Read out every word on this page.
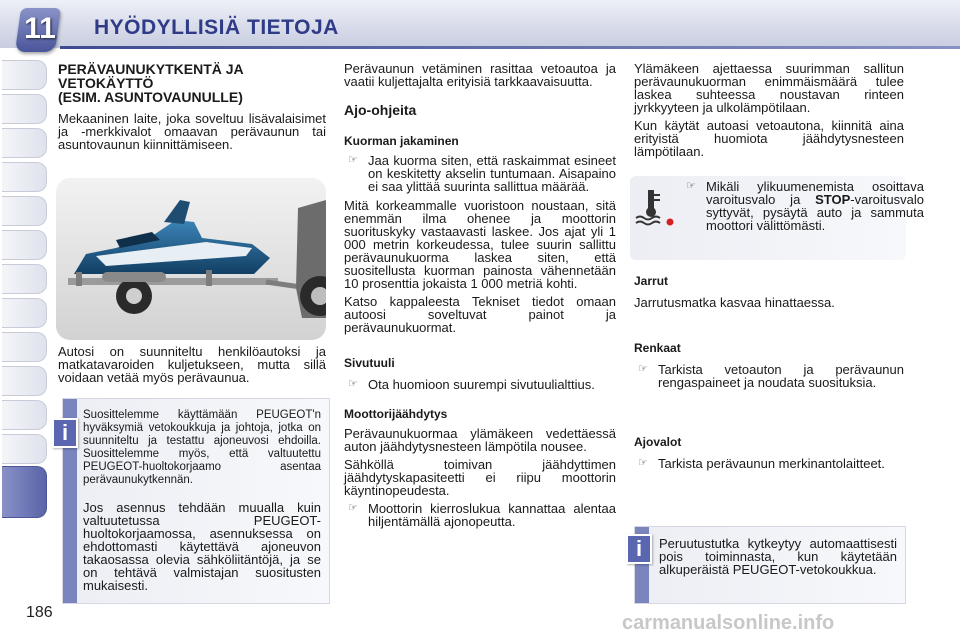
11 HYÖDYLLISIÄ TIETOJA
PERÄVAUNUKYTKENTÄ JA
VETOKÄYTTÖ
(ESIM. ASUNTOVAUNULLE)

Mekaaninen laite, joka soveltuu lisävalaisimet ja -merkkivalot omaavan perävaunun tai asuntovaunun kiinnittämiseen.

Autosi on suunniteltu henkilöautoksi ja matkatavaroiden kuljetukseen, mutta sillä voidaan vetää myös perävaunua.

Suosittelemme käyttämään PEUGEOT'n hyväksymiä vetokoukkuja ja johtoja, jotka on suunniteltu ja testattu ajoneuvosi ehdoilla. Suosittelemme myös, että valtuutettu PEUGEOT-huoltokorjaamo asentaa perävaunukytkennän.
Jos asennus tehdään muualla kuin valtuutetussa PEUGEOT-huoltokorjaamossa, asennuksessa on ehdottomasti käytettävä ajoneuvon takaosassa olevia sähköliitäntöjä, ja se on tehtävä valmistajan suositusten mukaisesti.
i

Perävaunun vetäminen rasittaa vetoautoa ja vaatii kuljettajalta erityisiä tarkkaavaisuutta.

Ajo-ohjeita
Kuorman jakaminen
☞ Jaa kuorma siten, että raskaimmat esineet on keskitetty akselin tuntumaan. Aisapaino ei saa ylittää suurinta sallittua määrää.

Mitä korkeammalle vuoristoon noustaan, sitä enemmän ilma ohenee ja moottorin suorituskyky vastaavasti laskee. Jos ajat yli 1 000 metrin korkeudessa, tulee suurin sallittu perävaunukuorma laskea siten, että suositellusta kuorman painosta vähennetään 10 prosenttia jokaista 1 000 metriä kohti.

Katso kappaleesta Tekniset tiedot omaan autoosi soveltuvat painot ja perävaunukuormat.

Sivutuuli
☞ Ota huomioon suurempi sivutuulialttius.
Moottorijäähdytys

Perävaunukuormaa ylämäkeen vedettäessä auton jäähdytysnesteen lämpötila nousee.

Sähköllä toimivan jäähdyttimen jäähdytyskapasiteetti ei riipu moottorin käyntinopeudesta.

☞ Moottorin kierroslukua kannattaa alentaa hiljentämällä ajonopeutta.

Ylämäkeen ajettaessa suurimman sallitun perävaunukuorman enimmäismäärä tulee laskea suhteessa noustavan rinteen jyrkkyyteen ja ulkolämpötilaan.

Kun käytät autoasi vetoautona, kiinnitä aina erityistä huomiota jäähdytysnesteen lämpötilaan.

☞ Mikäli ylikuumenemista osoittava varoitusvalo ja STOP-varoitusvalo syttyvät, pysäytä auto ja sammuta moottori välittömästi.
Jarrut

Jarrutusmatka kasvaa hinattaessa.

Renkaat
☞ Tarkista vetoauton ja perävaunun rengaspaineet ja noudata suosituksia.
Ajovalot
☞ Tarkista perävaunun merkinantolaitteet.
Peruutustutka kytkeytyy automaattisesti pois toiminnasta, kun käytetään alkuperäistä PEUGEOT-vetokoukkua.
i
186	carmanualsonline.info
